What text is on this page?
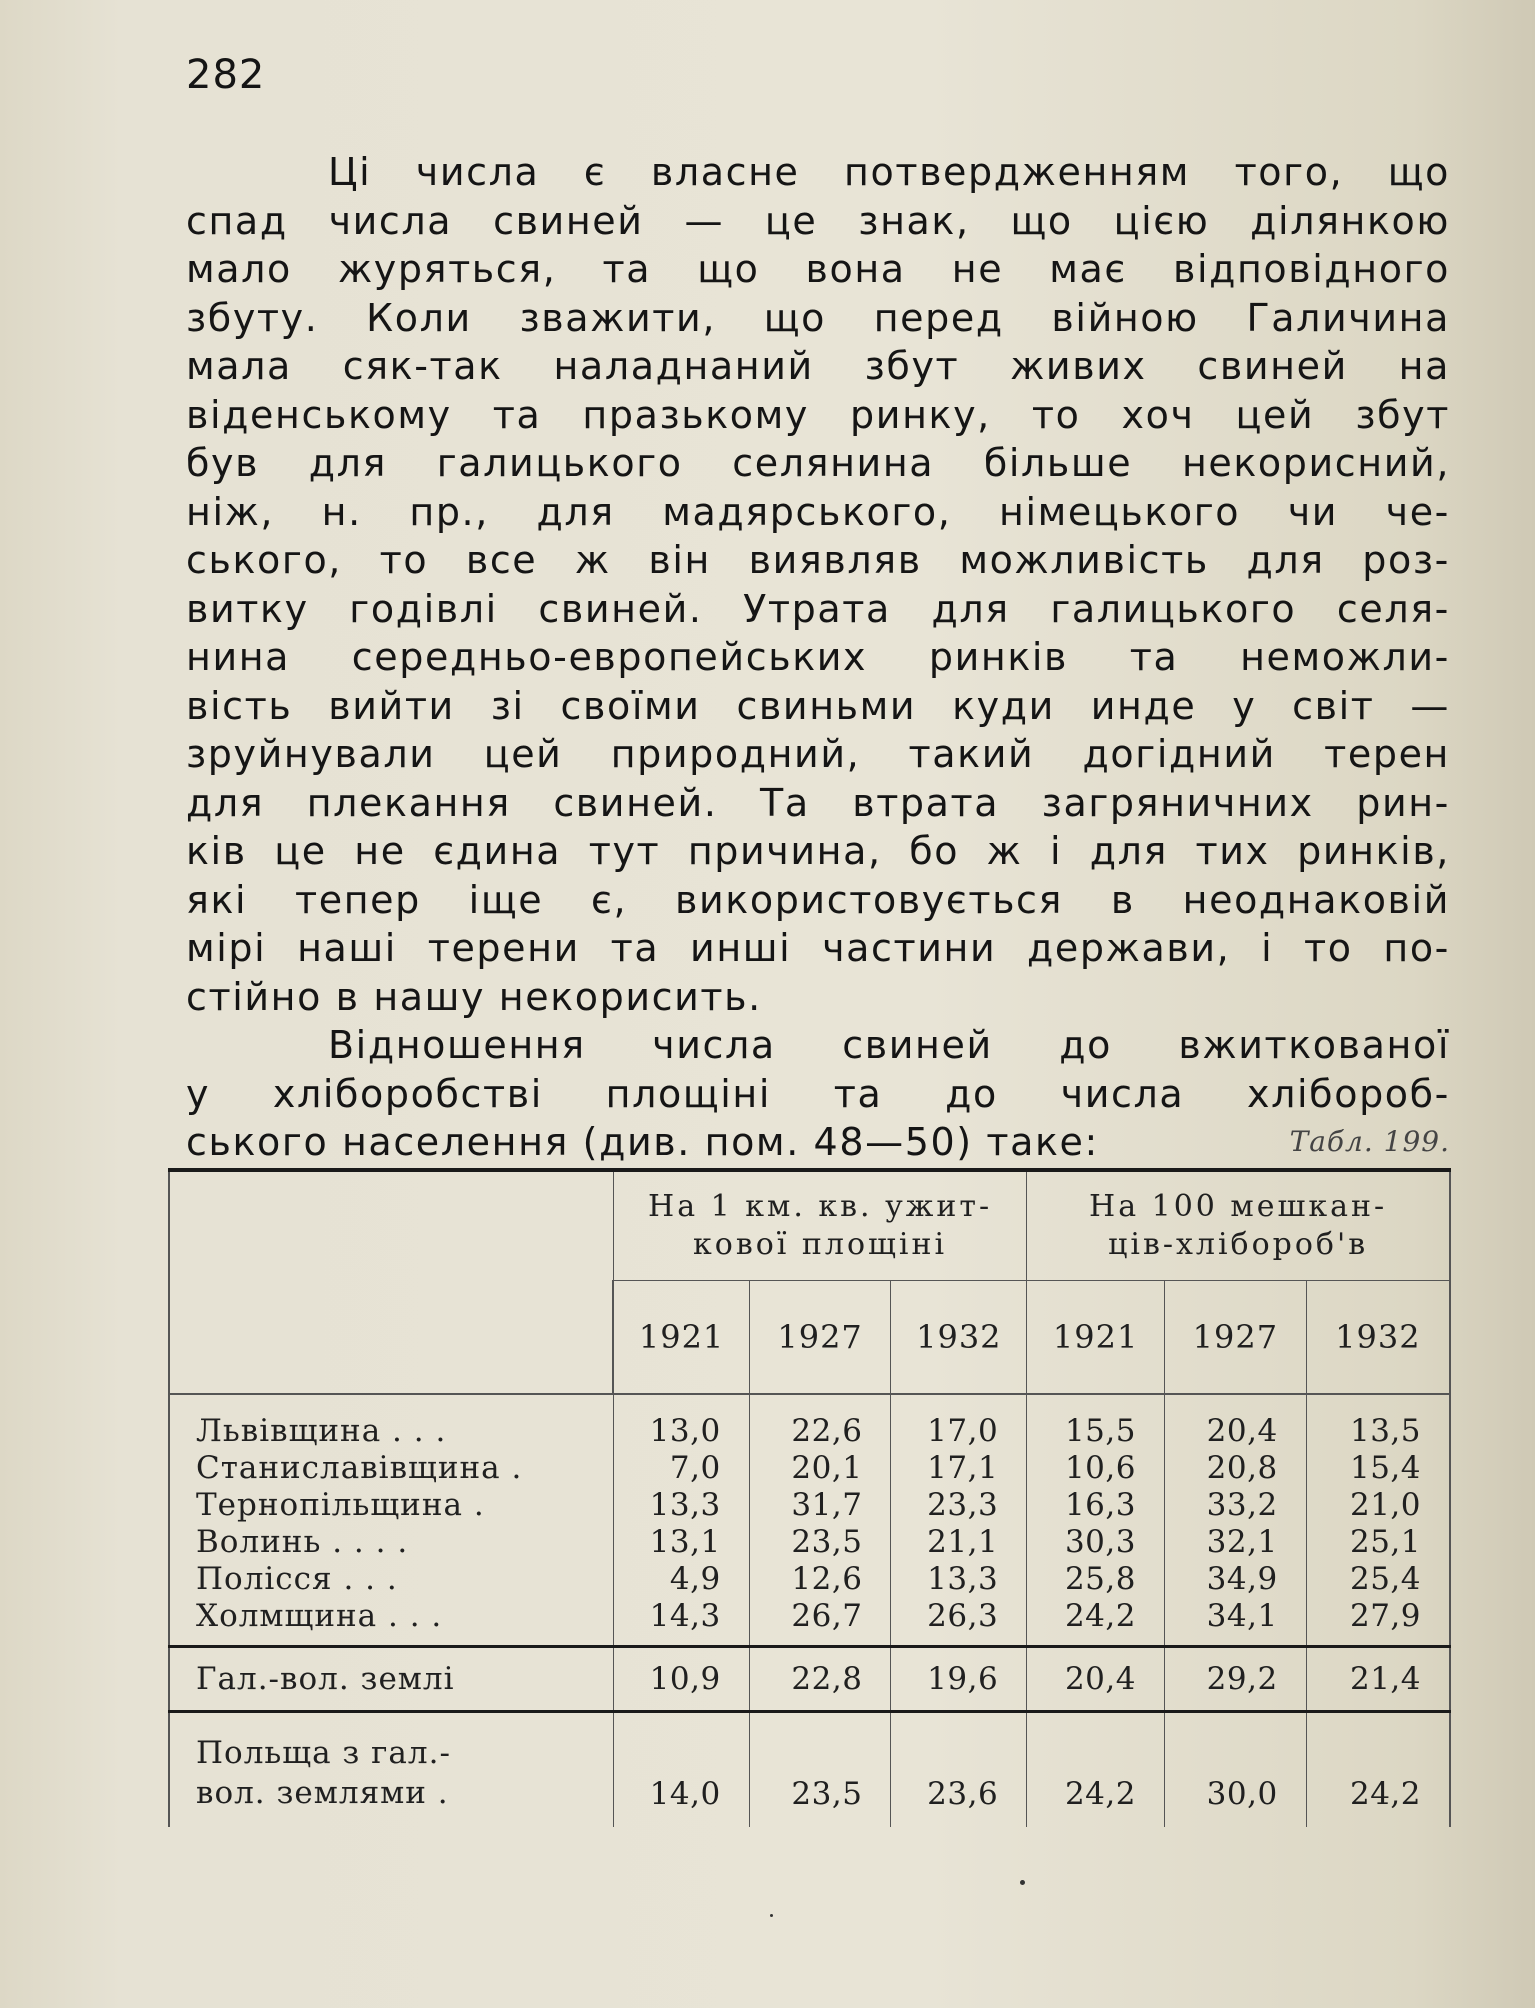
282
Ці числа є власне потвердженням того, що
спад числа свиней — це знак, що цією ділянкою
мало журяться, та що вона не має відповідного
збуту. Коли зважити, що перед війною Галичина
мала сяк-так наладнаний збут живих свиней на
віденському та празькому ринку, то хоч цей збут
був для галицького селянина більше некорисний,
ніж, н. пр., для мадярського, німецького чи че-
ського, то все ж він виявляв можливість для роз-
витку годівлі свиней. Утрата для галицького селя-
нина середньо-европейських ринків та неможли-
вість вийти зі своїми свиньми куди инде у світ —
зруйнували цей природний, такий догідний терен
для плекання свиней. Та втрата загряничних рин-
ків це не єдина тут причина, бо ж і для тих ринків,
які тепер іще є, використовується в неоднаковій
мірі наші терени та инші частини держави, і то по-
стійно в нашу некорисить.
Відношення числа свиней до вжиткованої
у хліборобстві площіні та до числа хлібороб-
ського населення (див. пом. 48—50) таке:	Табл. 199.
	На 1 км. кв. ужит-
кової площіні			На 100 мешкан-
ців-хлібороб'в		
	1921	1927	1932	1921	1927	1932

Львівщина . . .	13,0	22,6	17,0	15,5	20,4	13,5
Станиславівщина .	7,0	20,1	17,1	10,6	20,8	15,4
Тернопільщина .	13,3	31,7	23,3	16,3	33,2	21,0
Волинь . . . .	13,1	23,5	21,1	30,3	32,1	25,1
Полісся . . .	4,9	12,6	13,3	25,8	34,9	25,4
Холмщина . . .	14,3	26,7	26,3	24,2	34,1	27,9
Гал.-вол. землі	10,9	22,8	19,6	20,4	29,2	21,4

Польща з гал.-
вол. землями .	14,0	23,5	23,6	24,2	30,0	24,2
